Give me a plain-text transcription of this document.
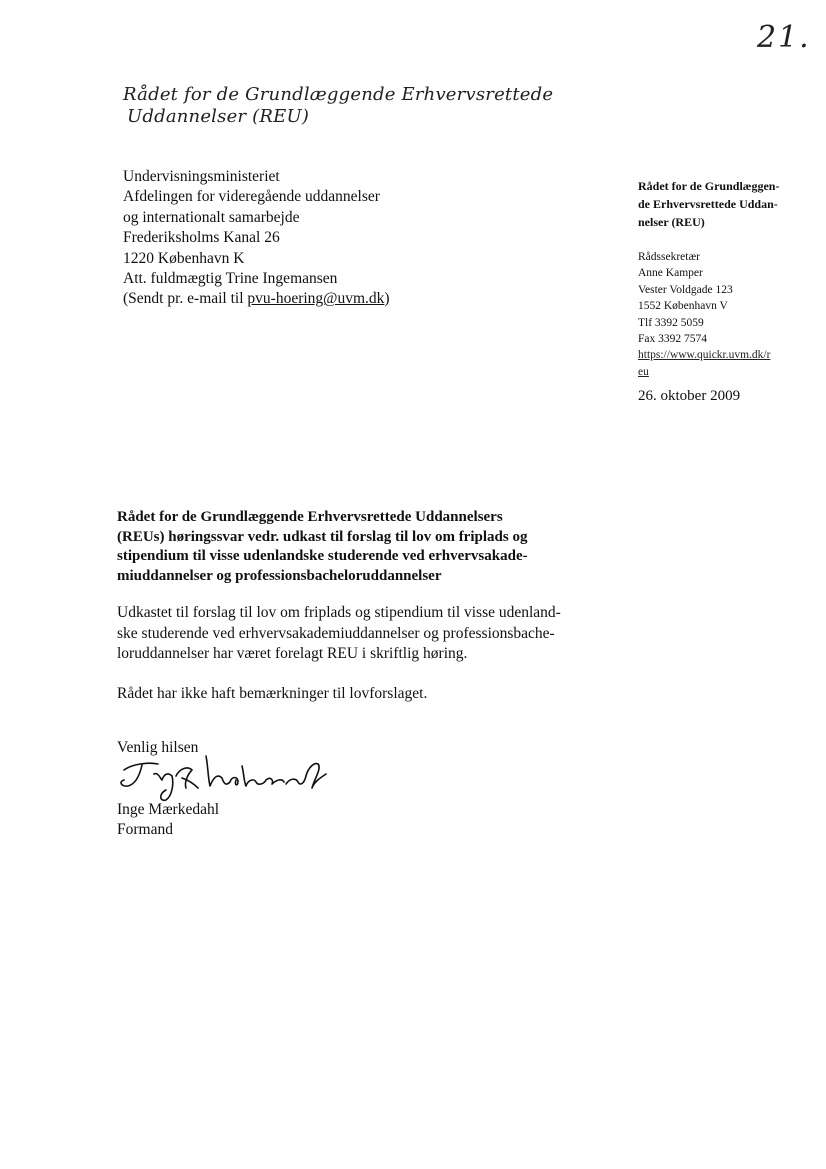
21.
Rådet for de Grundlæggende Erhvervsrettede
Uddannelser (REU)
Undervisningsministeriet
Afdelingen for videregående uddannelser
og internationalt samarbejde
Frederiksholms Kanal 26
1220 København K
Att. fuldmægtig Trine Ingemansen
(Sendt pr. e-mail til pvu-hoering@uvm.dk)
Rådet for de Grundlæggen-
de Erhvervsrettede Uddan-
nelser (REU)
Rådssekretær
Anne Kamper
Vester Voldgade 123
1552 København V
Tlf 3392 5059
Fax 3392 7574
https://www.quickr.uvm.dk/r
eu
26. oktober 2009
Rådet for de Grundlæggende Erhvervsrettede Uddannelsers
(REUs) høringssvar vedr. udkast til forslag til lov om friplads og
stipendium til visse udenlandske studerende ved erhvervsakade-
miuddannelser og professionsbacheloruddannelser
Udkastet til forslag til lov om friplads og stipendium til visse udenland-
ske studerende ved erhvervsakademiuddannelser og professionsbache-
loruddannelser har været forelagt REU i skriftlig høring.
Rådet har ikke haft bemærkninger til lovforslaget.
Venlig hilsen
Inge Mærkedahl
Formand
